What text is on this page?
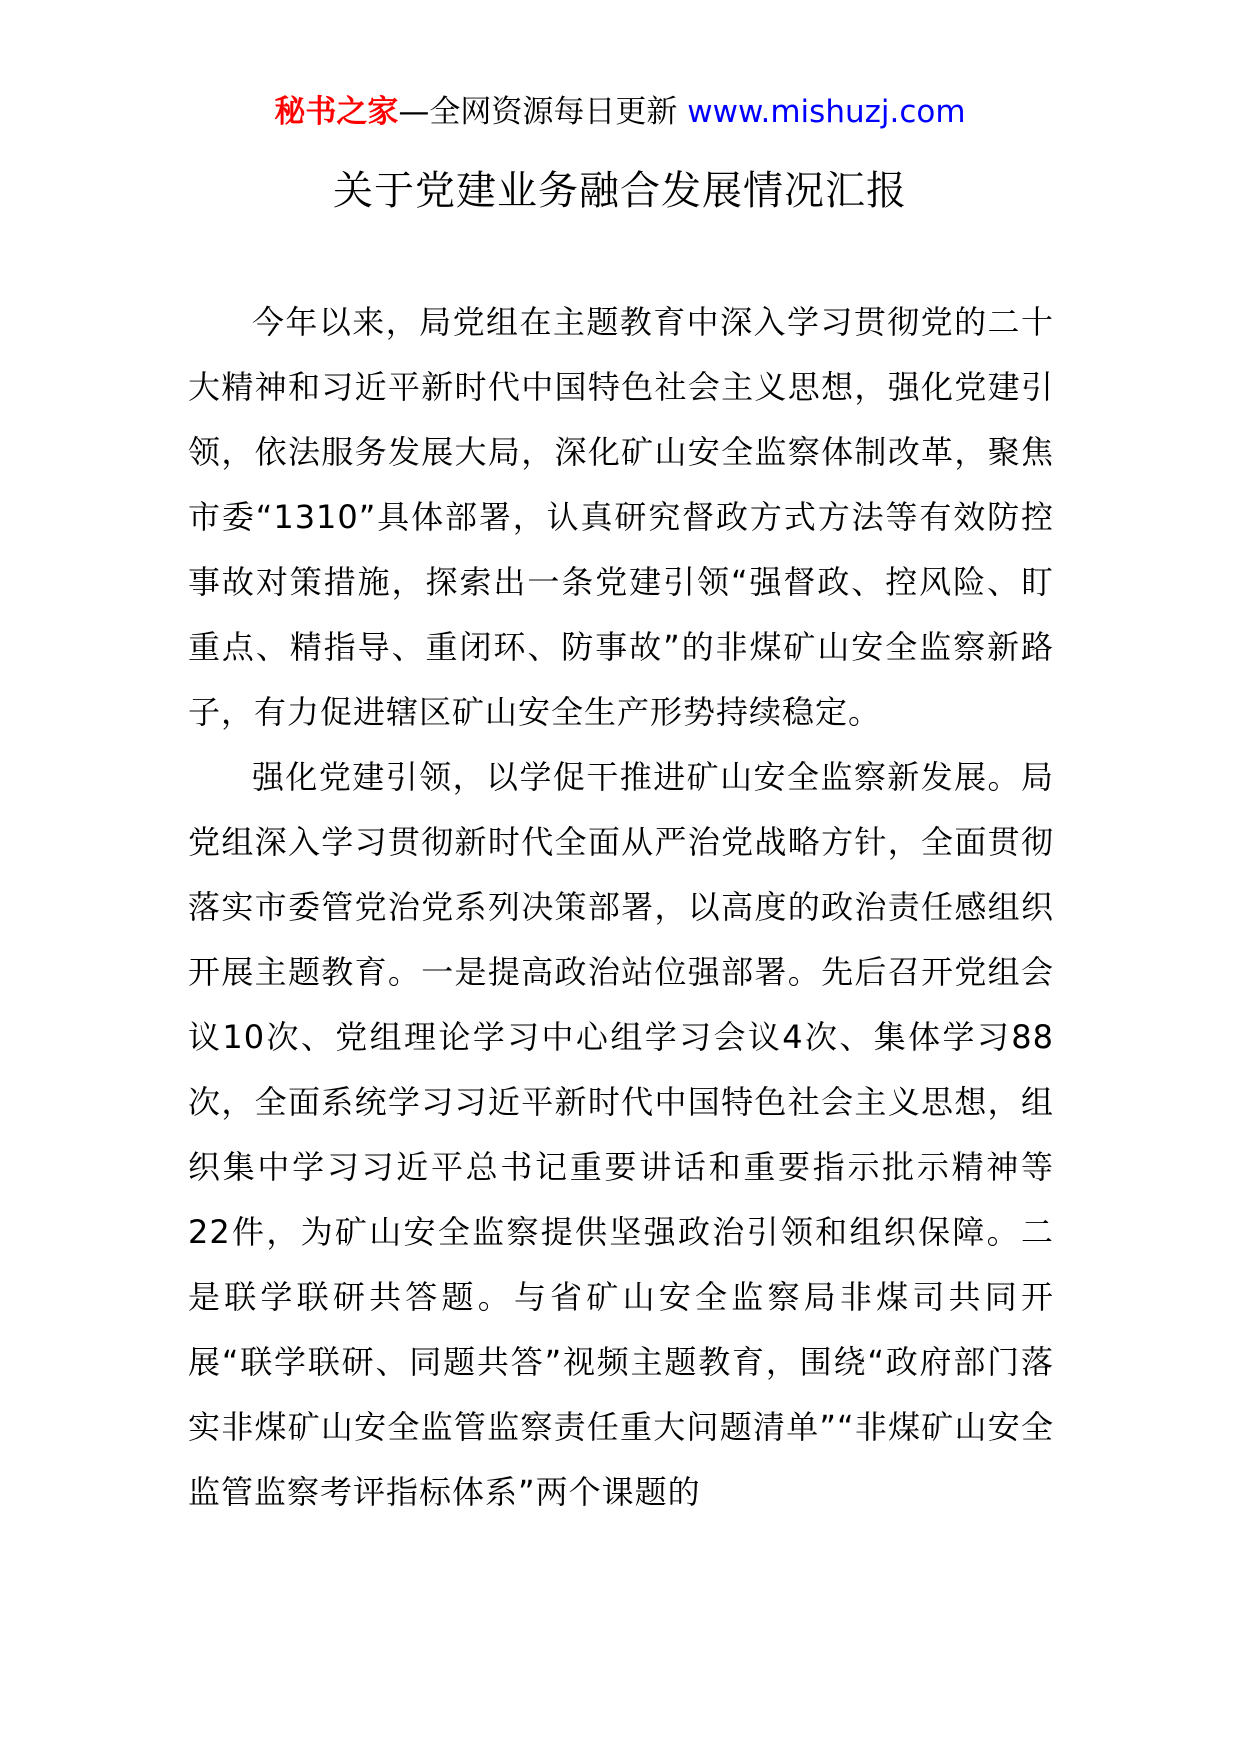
秘书之家—全网资源每日更新 www.mishuzj.com
关于党建业务融合发展情况汇报

今年以来，局党组在主题教育中深入学习贯彻党的二十大精神和习近平新时代中国特色社会主义思想，强化党建引领，依法服务发展大局，深化矿山安全监察体制改革，聚焦市委“1310”具体部署，认真研究督政方式方法等有效防控事故对策措施，探索出一条党建引领“强督政、控风险、盯重点、精指导、重闭环、防事故”的非煤矿山安全监察新路子，有力促进辖区矿山安全生产形势持续稳定。

强化党建引领，以学促干推进矿山安全监察新发展。局党组深入学习贯彻新时代全面从严治党战略方针，全面贯彻落实市委管党治党系列决策部署，以高度的政治责任感组织开展主题教育。一是提高政治站位强部署。先后召开党组会议10次、党组理论学习中心组学习会议4次、集体学习88次，全面系统学习习近平新时代中国特色社会主义思想，组织集中学习习近平总书记重要讲话和重要指示批示精神等22件，为矿山安全监察提供坚强政治引领和组织保障。二是联学联研共答题。与省矿山安全监察局非煤司共同开展“联学联研、同题共答”视频主题教育，围绕“政府部门落实非煤矿山安全监管监察责任重大问题清单”“非煤矿山安全监管监察考评指标体系”两个课题的
